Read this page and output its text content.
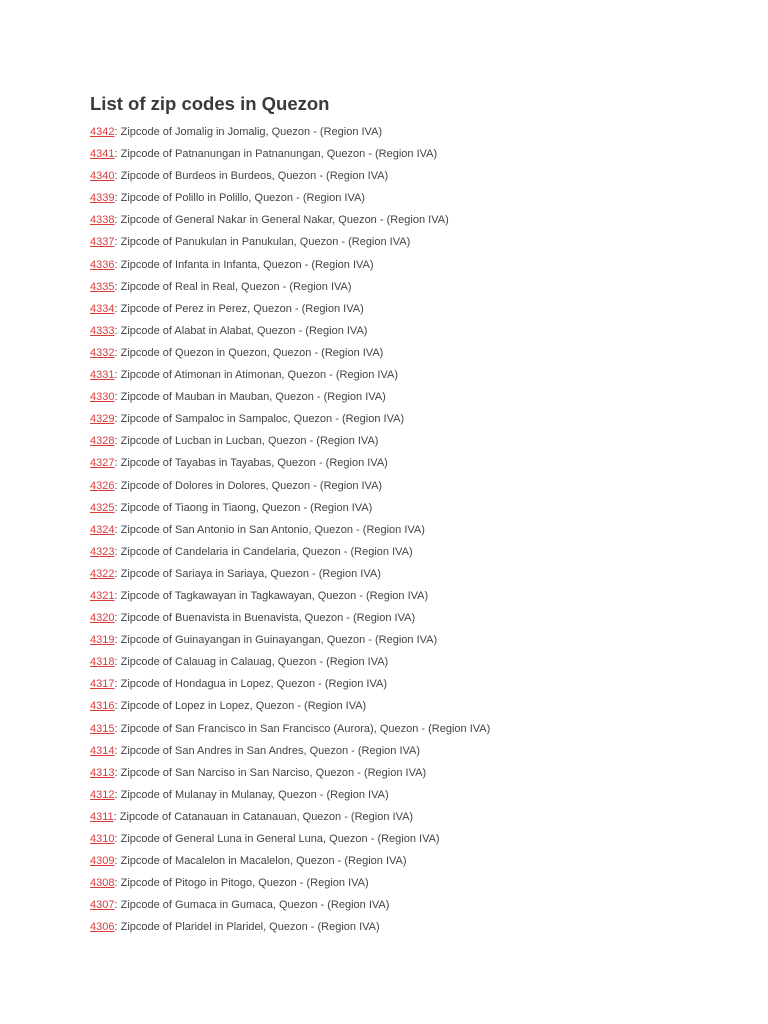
List of zip codes in Quezon
4342: Zipcode of Jomalig in Jomalig, Quezon - (Region IVA)
4341: Zipcode of Patnanungan in Patnanungan, Quezon - (Region IVA)
4340: Zipcode of Burdeos in Burdeos, Quezon - (Region IVA)
4339: Zipcode of Polillo in Polillo, Quezon - (Region IVA)
4338: Zipcode of General Nakar in General Nakar, Quezon - (Region IVA)
4337: Zipcode of Panukulan in Panukulan, Quezon - (Region IVA)
4336: Zipcode of Infanta in Infanta, Quezon - (Region IVA)
4335: Zipcode of Real in Real, Quezon - (Region IVA)
4334: Zipcode of Perez in Perez, Quezon - (Region IVA)
4333: Zipcode of Alabat in Alabat, Quezon - (Region IVA)
4332: Zipcode of Quezon in Quezon, Quezon - (Region IVA)
4331: Zipcode of Atimonan in Atimonan, Quezon - (Region IVA)
4330: Zipcode of Mauban in Mauban, Quezon - (Region IVA)
4329: Zipcode of Sampaloc in Sampaloc, Quezon - (Region IVA)
4328: Zipcode of Lucban in Lucban, Quezon - (Region IVA)
4327: Zipcode of Tayabas in Tayabas, Quezon - (Region IVA)
4326: Zipcode of Dolores in Dolores, Quezon - (Region IVA)
4325: Zipcode of Tiaong in Tiaong, Quezon - (Region IVA)
4324: Zipcode of San Antonio in San Antonio, Quezon - (Region IVA)
4323: Zipcode of Candelaria in Candelaria, Quezon - (Region IVA)
4322: Zipcode of Sariaya in Sariaya, Quezon - (Region IVA)
4321: Zipcode of Tagkawayan in Tagkawayan, Quezon - (Region IVA)
4320: Zipcode of Buenavista in Buenavista, Quezon - (Region IVA)
4319: Zipcode of Guinayangan in Guinayangan, Quezon - (Region IVA)
4318: Zipcode of Calauag in Calauag, Quezon - (Region IVA)
4317: Zipcode of Hondagua in Lopez, Quezon - (Region IVA)
4316: Zipcode of Lopez in Lopez, Quezon - (Region IVA)
4315: Zipcode of San Francisco in San Francisco (Aurora), Quezon - (Region IVA)
4314: Zipcode of San Andres in San Andres, Quezon - (Region IVA)
4313: Zipcode of San Narciso in San Narciso, Quezon - (Region IVA)
4312: Zipcode of Mulanay in Mulanay, Quezon - (Region IVA)
4311: Zipcode of Catanauan in Catanauan, Quezon - (Region IVA)
4310: Zipcode of General Luna in General Luna, Quezon - (Region IVA)
4309: Zipcode of Macalelon in Macalelon, Quezon - (Region IVA)
4308: Zipcode of Pitogo in Pitogo, Quezon - (Region IVA)
4307: Zipcode of Gumaca in Gumaca, Quezon - (Region IVA)
4306: Zipcode of Plaridel in Plaridel, Quezon - (Region IVA)
